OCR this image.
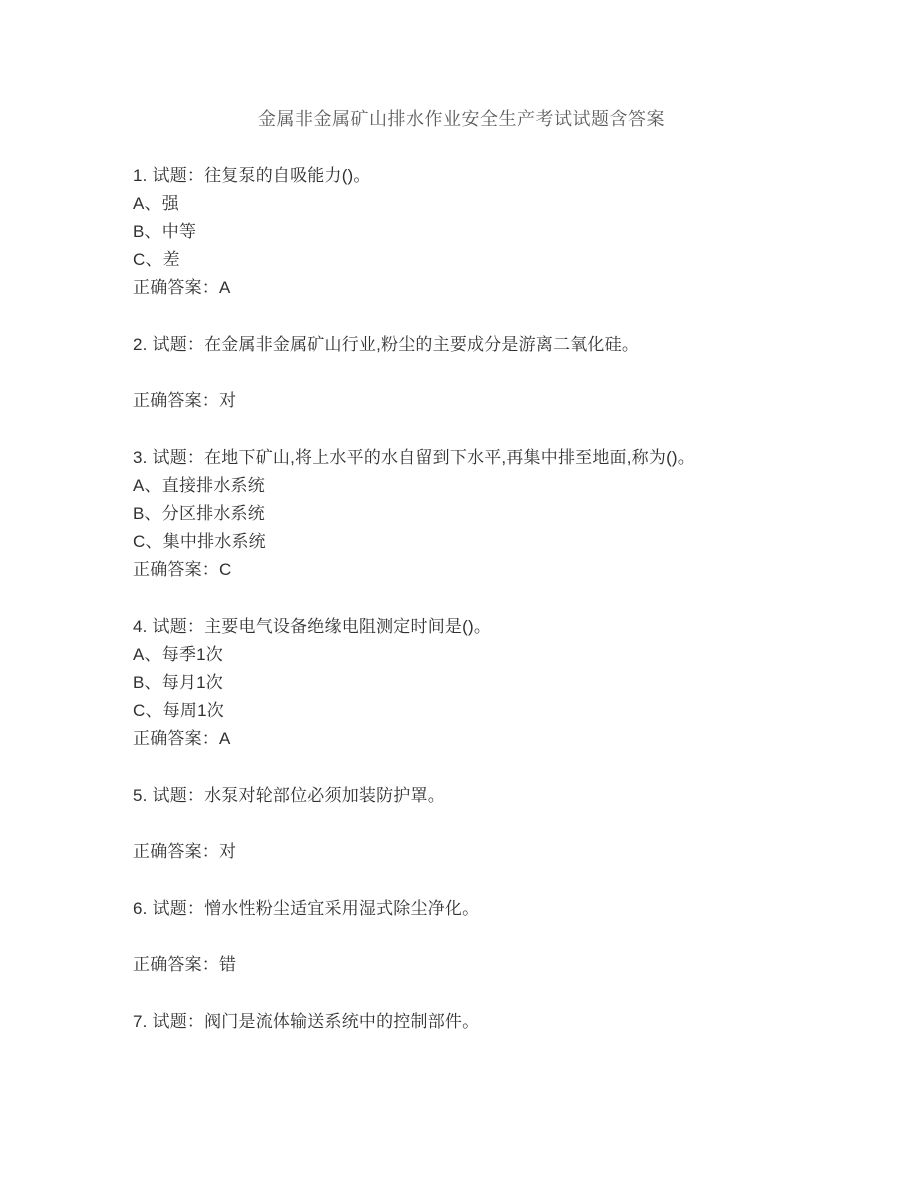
金属非金属矿山排水作业安全生产考试试题含答案

1. 试题：往复泵的自吸能力()。

A、强

B、中等

C、差

正确答案：A

2. 试题：在金属非金属矿山行业,粉尘的主要成分是游离二氧化硅。

正确答案：对

3. 试题：在地下矿山,将上水平的水自留到下水平,再集中排至地面,称为()。

A、直接排水系统

B、分区排水系统

C、集中排水系统

正确答案：C

4. 试题：主要电气设备绝缘电阻测定时间是()。

A、每季1次

B、每月1次

C、每周1次

正确答案：A

5. 试题：水泵对轮部位必须加装防护罩。

正确答案：对

6. 试题：憎水性粉尘适宜采用湿式除尘净化。

正确答案：错

7. 试题：阀门是流体输送系统中的控制部件。
